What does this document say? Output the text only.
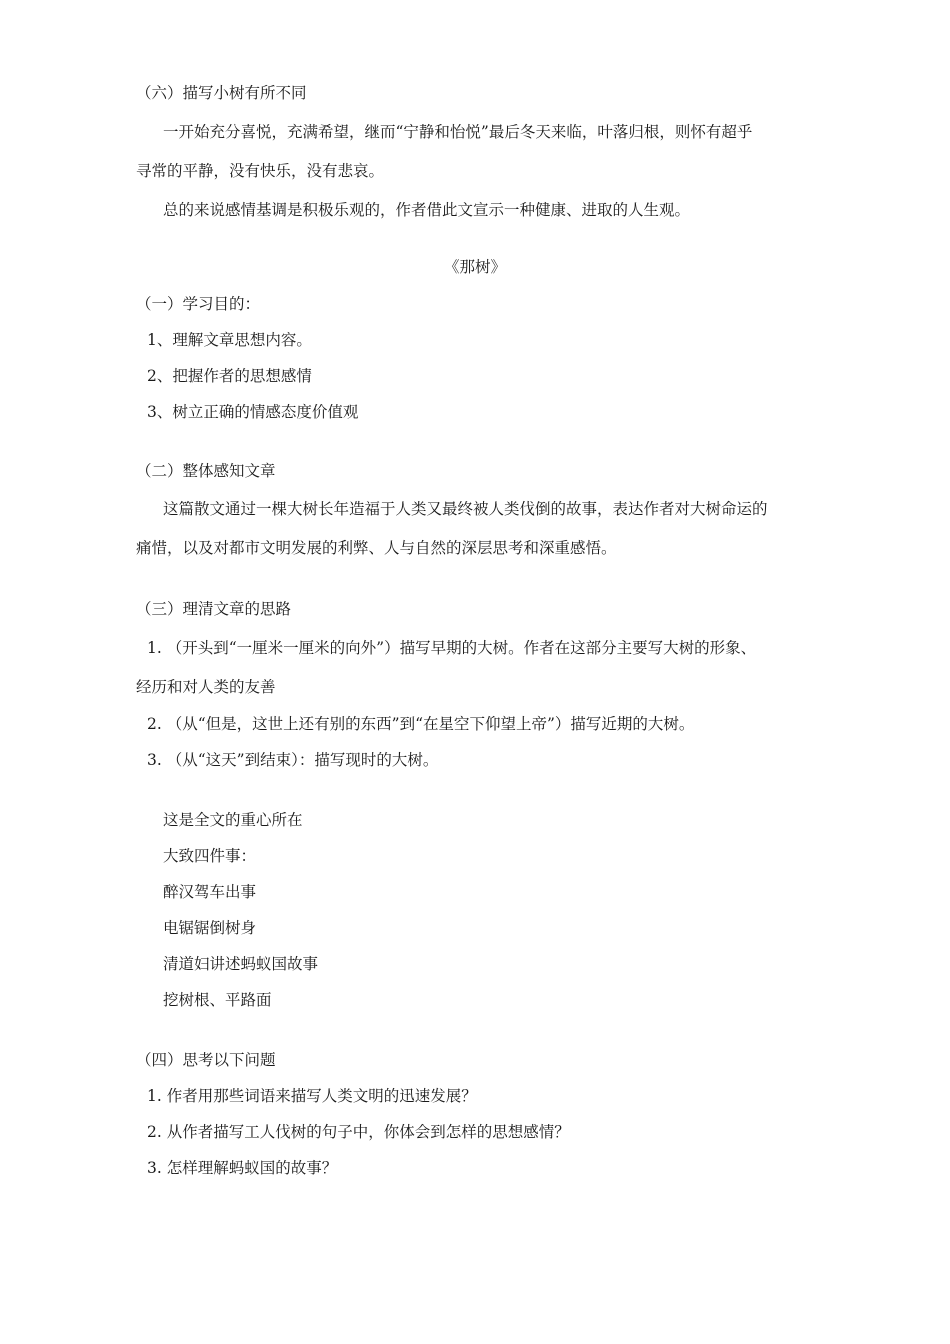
（六）描写小树有所不同
一开始充分喜悦，充满希望，继而“宁静和怡悦”最后冬天来临，叶落归根，则怀有超乎
寻常的平静，没有快乐，没有悲哀。
总的来说感情基调是积极乐观的，作者借此文宣示一种健康、进取的人生观。
《那树》
（一）学习目的：
1、理解文章思想内容。
2、把握作者的思想感情
3、树立正确的情感态度价值观
（二）整体感知文章
这篇散文通过一棵大树长年造福于人类又最终被人类伐倒的故事，表达作者对大树命运的
痛惜，以及对都市文明发展的利弊、人与自然的深层思考和深重感悟。
（三）理清文章的思路
1. （开头到“一厘米一厘米的向外”）描写早期的大树。作者在这部分主要写大树的形象、
经历和对人类的友善
2. （从“但是，这世上还有别的东西”到“在星空下仰望上帝”）描写近期的大树。
3. （从“这天”到结束）：描写现时的大树。
这是全文的重心所在
大致四件事：
醉汉驾车出事
电锯锯倒树身
清道妇讲述蚂蚁国故事
挖树根、平路面
（四）思考以下问题
1. 作者用那些词语来描写人类文明的迅速发展？
2. 从作者描写工人伐树的句子中，你体会到怎样的思想感情？
3. 怎样理解蚂蚁国的故事？
